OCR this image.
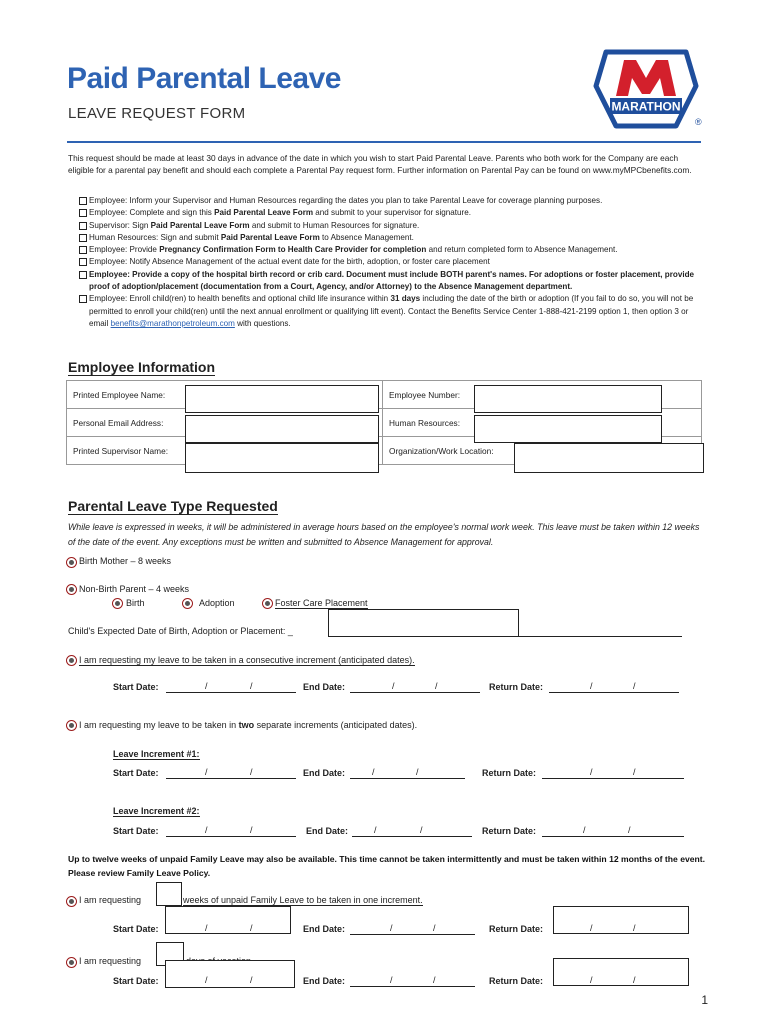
Paid Parental Leave
LEAVE REQUEST FORM	MARATHON
®
This request should be made at least 30 days in advance of the date in which you wish to start Paid Parental Leave. Parents who both work for the Company are each eligible for a parental pay benefit and should each complete a Parental Pay request form. Further information on Parental Pay can be found on www.myMPCbenefits.com.
Employee: Inform your Supervisor and Human Resources regarding the dates you plan to take Parental Leave for coverage planning purposes.
Employee: Complete and sign this Paid Parental Leave Form and submit to your supervisor for signature.
Supervisor: Sign Paid Parental Leave Form and submit to Human Resources for signature.
Human Resources: Sign and submit Paid Parental Leave Form to Absence Management.
Employee: Provide Pregnancy Confirmation Form to Health Care Provider for completion and return completed form to Absence Management.
Employee: Notify Absence Management of the actual event date for the birth, adoption, or foster care placement
Employee: Provide a copy of the hospital birth record or crib card. Document must include BOTH parent's names. For adoptions or foster placement, provide proof of adoption/placement (documentation from a Court, Agency, and/or Attorney) to the Absence Management department.
Employee: Enroll child(ren) to health benefits and optional child life insurance within 31 days including the date of the birth or adoption (If you fail to do so, you will not be permitted to enroll your child(ren) until the next annual enrollment or qualifying lift event). Contact the Benefits Service Center 1-888-421-2199 option 1, then option 3 or email benefits@marathonpetroleum.com with questions.
Employee Information
Printed Employee Name:	Employee Number:
Personal Email Address:	Human Resources:
Printed Supervisor Name:	Organization/Work Location:
Parental Leave Type Requested
While leave is expressed in weeks, it will be administered in average hours based on the employee's normal work week. This leave must be taken within 12 weeks of the date of the event. Any exceptions must be written and submitted to Absence Management for approval.
Birth Mother – 8 weeks
Non-Birth Parent – 4 weeks
Birth	Adoption	Foster Care Placement
Child's Expected Date of Birth, Adoption or Placement: _
I am requesting my leave to be taken in a consecutive increment (anticipated dates).
Start Date:	/	/	End Date:	/	/	Return Date:	/	/
I am requesting my leave to be taken in two separate increments (anticipated dates).
Leave Increment #1:
Start Date:	/	/	End Date:	/	/	Return Date:	/	/
Leave Increment #2:
Start Date:	/	/	End Date:	/	/	Return Date:	/	/
Up to twelve weeks of unpaid Family Leave may also be available. This time cannot be taken intermittently and must be taken within 12 months of the event. Please review Family Leave Policy.
I am requesting	weeks of unpaid Family Leave to be taken in one increment.
Start Date:	/	/	End Date:	/	/	Return Date:	/	/
I am requesting
Start Date:	/	/	End Date:	/	/	Return Date:	/	/
1
